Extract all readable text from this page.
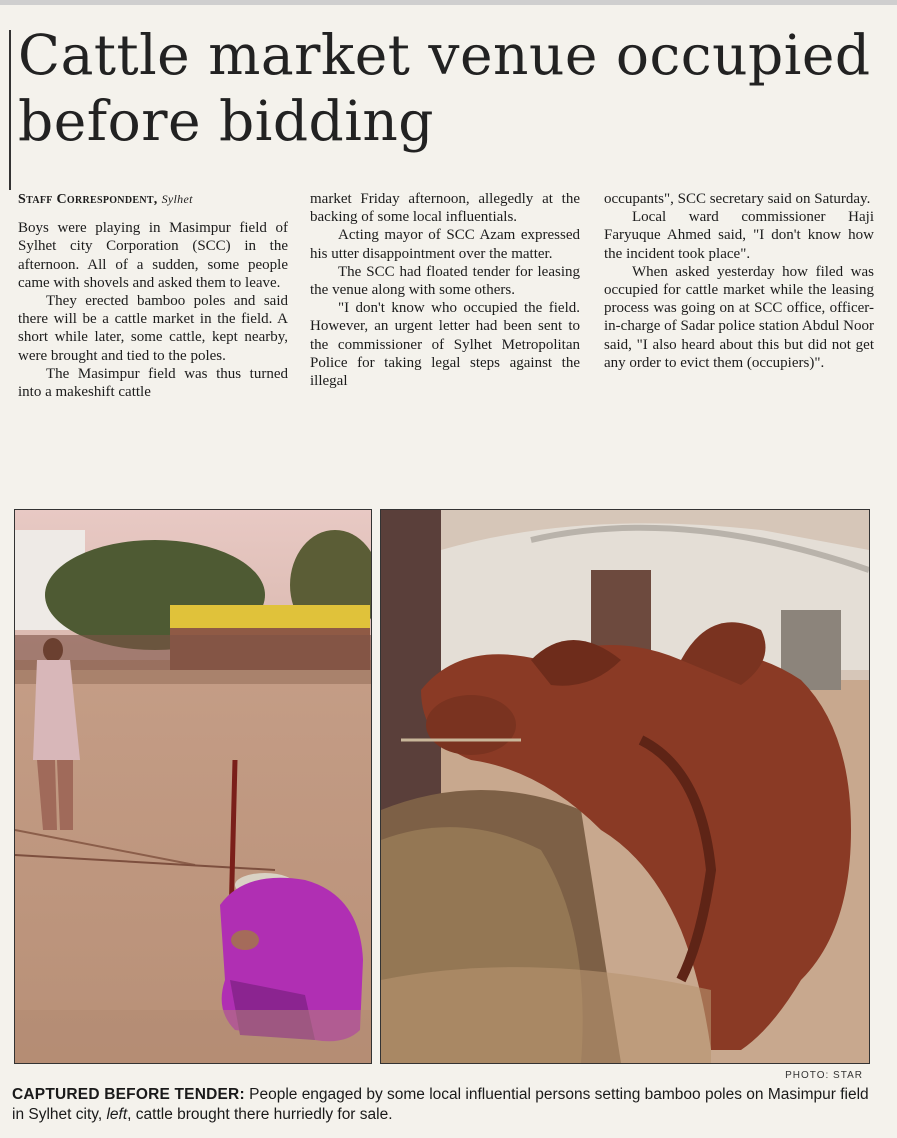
Cattle market venue occupied before bidding
Staff Correspondent, Sylhet

Boys were playing in Masimpur field of Sylhet city Corporation (SCC) in the afternoon. All of a sudden, some people came with shovels and asked them to leave.

They erected bamboo poles and said there will be a cattle market in the field. A short while later, some cattle, kept nearby, were brought and tied to the poles.

The Masimpur field was thus turned into a makeshift cattle

market Friday afternoon, allegedly at the backing of some local influentials.

Acting mayor of SCC Azam expressed his utter disappointment over the matter.

The SCC had floated tender for leasing the venue along with some others.

"I don't know who occupied the field. However, an urgent letter had been sent to the commissioner of Sylhet Metropolitan Police for taking legal steps against the illegal

occupants", SCC secretary said on Saturday.

Local ward commissioner Haji Faryuque Ahmed said, "I don't know how the incident took place".

When asked yesterday how filed was occupied for cattle market while the leasing process was going on at SCC office, officer-in-charge of Sadar police station Abdul Noor said, "I also heard about this but did not get any order to evict them (occupiers)".

PHOTO: STAR
CAPTURED BEFORE TENDER: People engaged by some local influential persons setting bamboo poles on Masimpur field in Sylhet city, left, cattle brought there hurriedly for sale.
